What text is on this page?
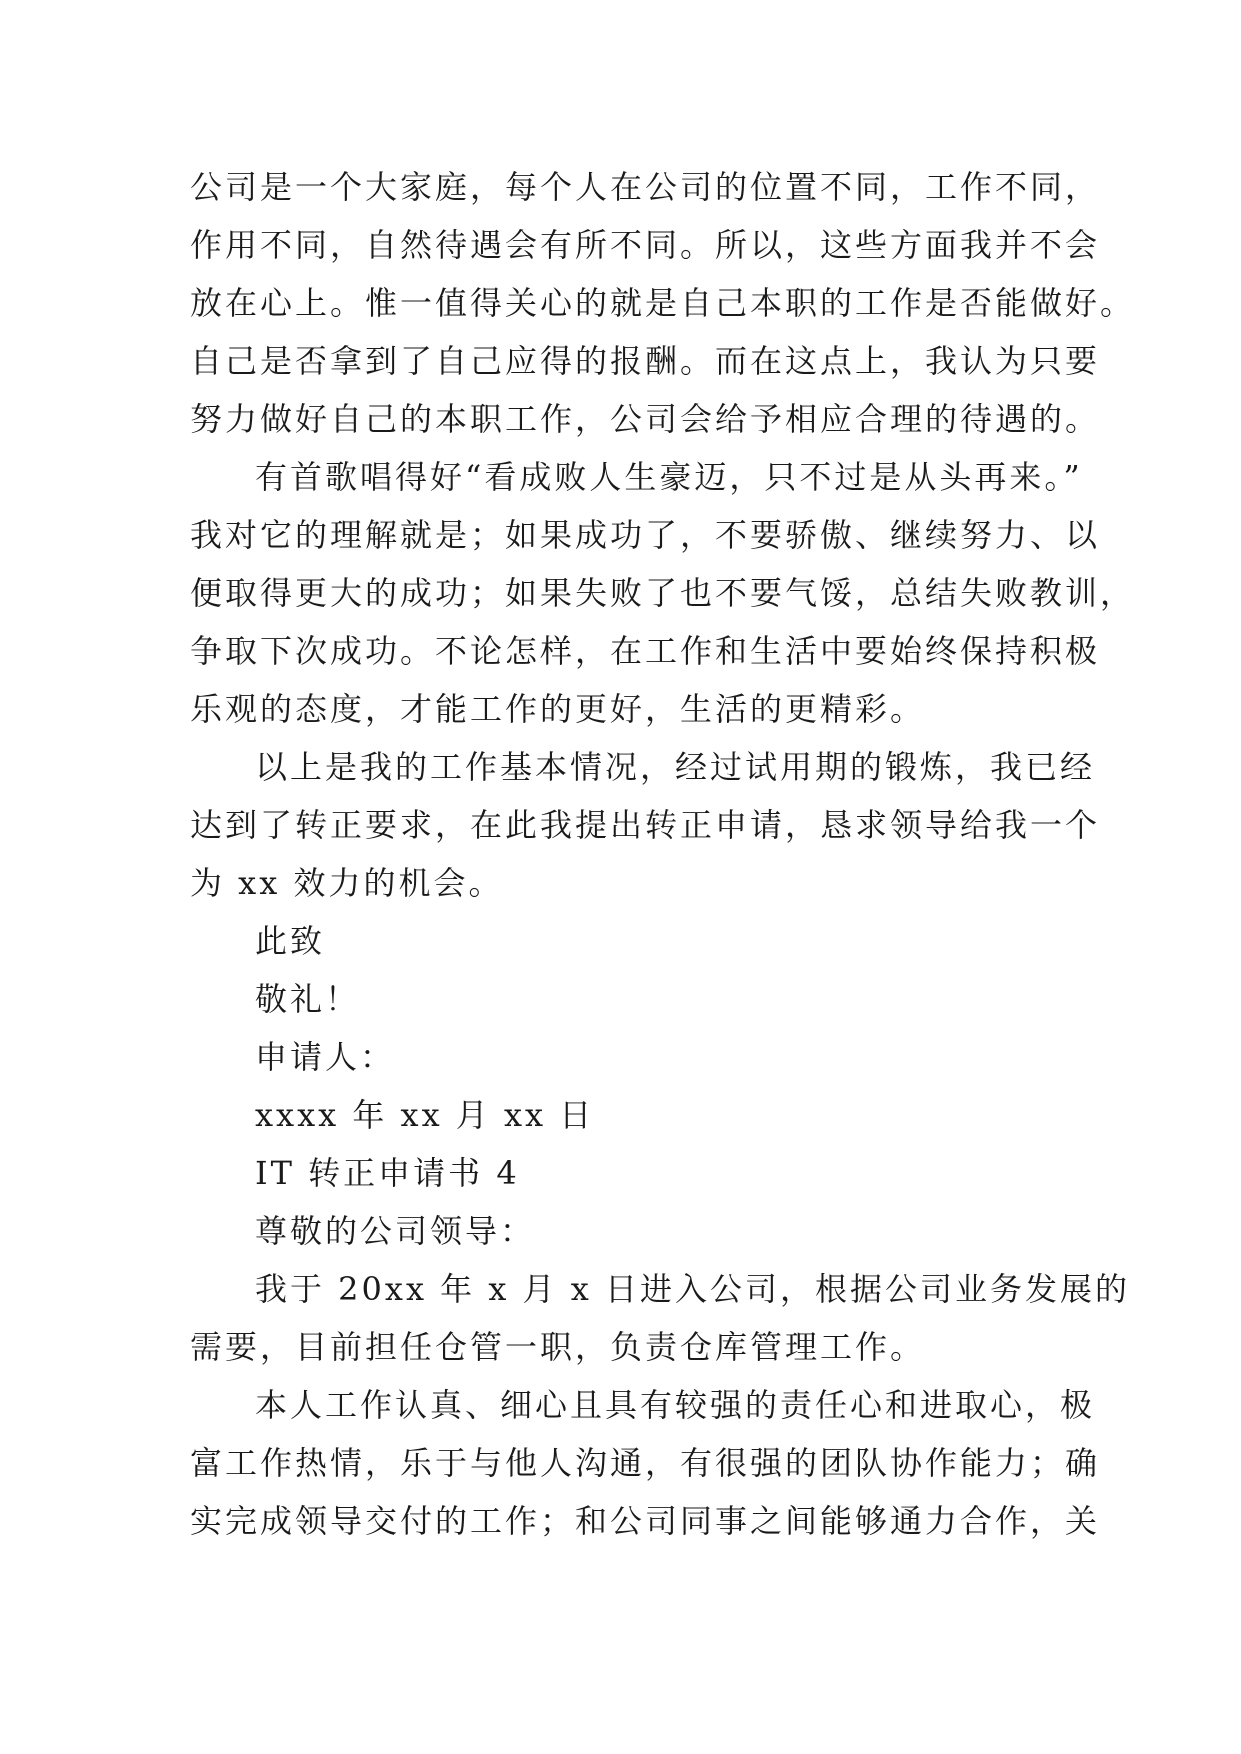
公司是一个大家庭，每个人在公司的位置不同，工作不同，
作用不同，自然待遇会有所不同。所以，这些方面我并不会
放在心上。惟一值得关心的就是自己本职的工作是否能做好。
自己是否拿到了自己应得的报酬。而在这点上，我认为只要
努力做好自己的本职工作，公司会给予相应合理的待遇的。
有首歌唱得好“看成败人生豪迈，只不过是从头再来。”
我对它的理解就是；如果成功了，不要骄傲、继续努力、以
便取得更大的成功；如果失败了也不要气馁，总结失败教训，
争取下次成功。不论怎样，在工作和生活中要始终保持积极
乐观的态度，才能工作的更好，生活的更精彩。
以上是我的工作基本情况，经过试用期的锻炼，我已经
达到了转正要求，在此我提出转正申请，恳求领导给我一个
为 xx 效力的机会。
此致
敬礼！
申请人：
xxxx 年 xx 月 xx 日
IT 转正申请书 4
尊敬的公司领导：
我于 20xx 年 x 月 x 日进入公司，根据公司业务发展的
需要，目前担任仓管一职，负责仓库管理工作。
本人工作认真、细心且具有较强的责任心和进取心，极
富工作热情，乐于与他人沟通，有很强的团队协作能力；确
实完成领导交付的工作；和公司同事之间能够通力合作，关
